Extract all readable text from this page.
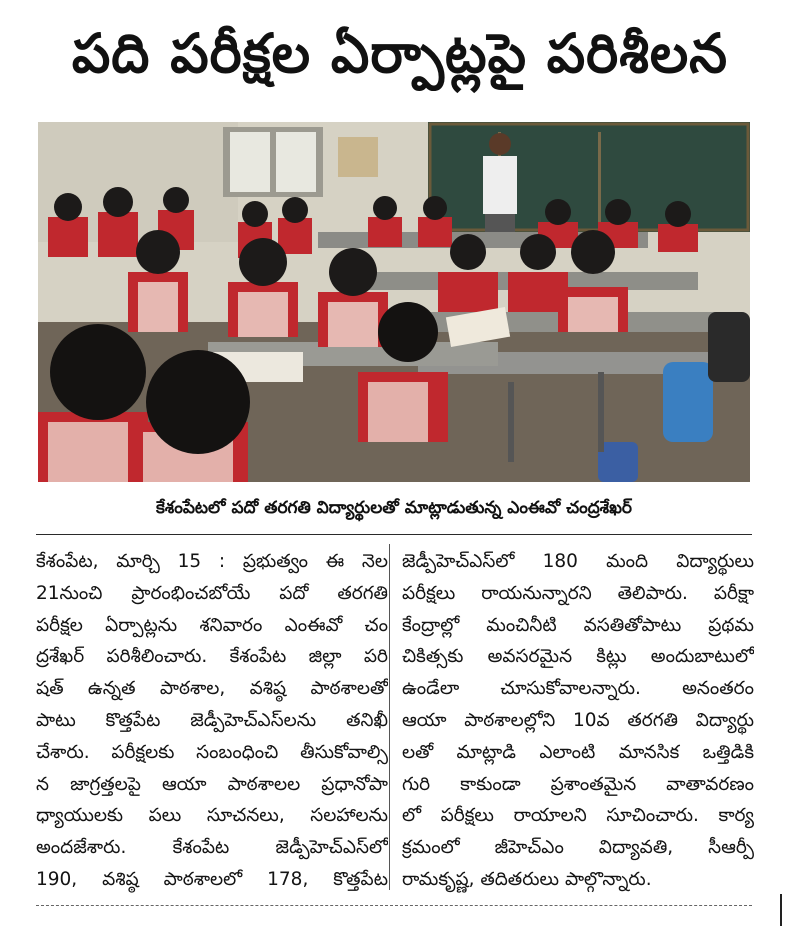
పది పరీక్షల ఏర్పాట్లపై పరిశీలన
కేశంపేటలో పదో తరగతి విద్యార్థులతో మాట్లాడుతున్న ఎంఈవో చంద్రశేఖర్
కేశంపేట, మార్చి 15 : ప్రభుత్వం ఈ నెల
21నుంచి ప్రారంభించబోయే పదో తరగతి
పరీక్షల ఏర్పాట్లను శనివారం ఎంఈవో చం
ద్రశేఖర్ పరిశీలించారు. కేశంపేట జిల్లా పరి
షత్ ఉన్నత పాఠశాల, వశిష్ఠ పాఠశాలతో
పాటు కొత్తపేట జెడ్పీహెచ్ఎస్‌లను తనిఖీ
చేశారు. పరీక్షలకు సంబంధించి తీసుకోవాల్సి
న జాగ్రత్తలపై ఆయా పాఠశాలల ప్రధానోపా
ధ్యాయులకు పలు సూచనలు, సలహాలను
అందజేశారు. కేశంపేట జెడ్పీహెచ్ఎస్‌లో
190, వశిష్ఠ పాఠశాలలో 178, కొత్తపేట
జెడ్పీహెచ్ఎస్‌లో 180 మంది విద్యార్థులు
పరీక్షలు రాయనున్నారని తెలిపారు. పరీక్షా
కేంద్రాల్లో మంచినీటి వసతితోపాటు ప్రథమ
చికిత్సకు అవసరమైన కిట్లు అందుబాటులో
ఉండేలా చూసుకోవాలన్నారు. అనంతరం
ఆయా పాఠశాలల్లోని 10వ తరగతి విద్యార్థు
లతో మాట్లాడి ఎలాంటి మానసిక ఒత్తిడికి
గురి కాకుండా ప్రశాంతమైన వాతావరణం
లో పరీక్షలు రాయాలని సూచించారు. కార్య
క్రమంలో జీహెచ్ఎం విద్యావతి, సీఆర్పీ
రామకృష్ణ, తదితరులు పాల్గొన్నారు.
